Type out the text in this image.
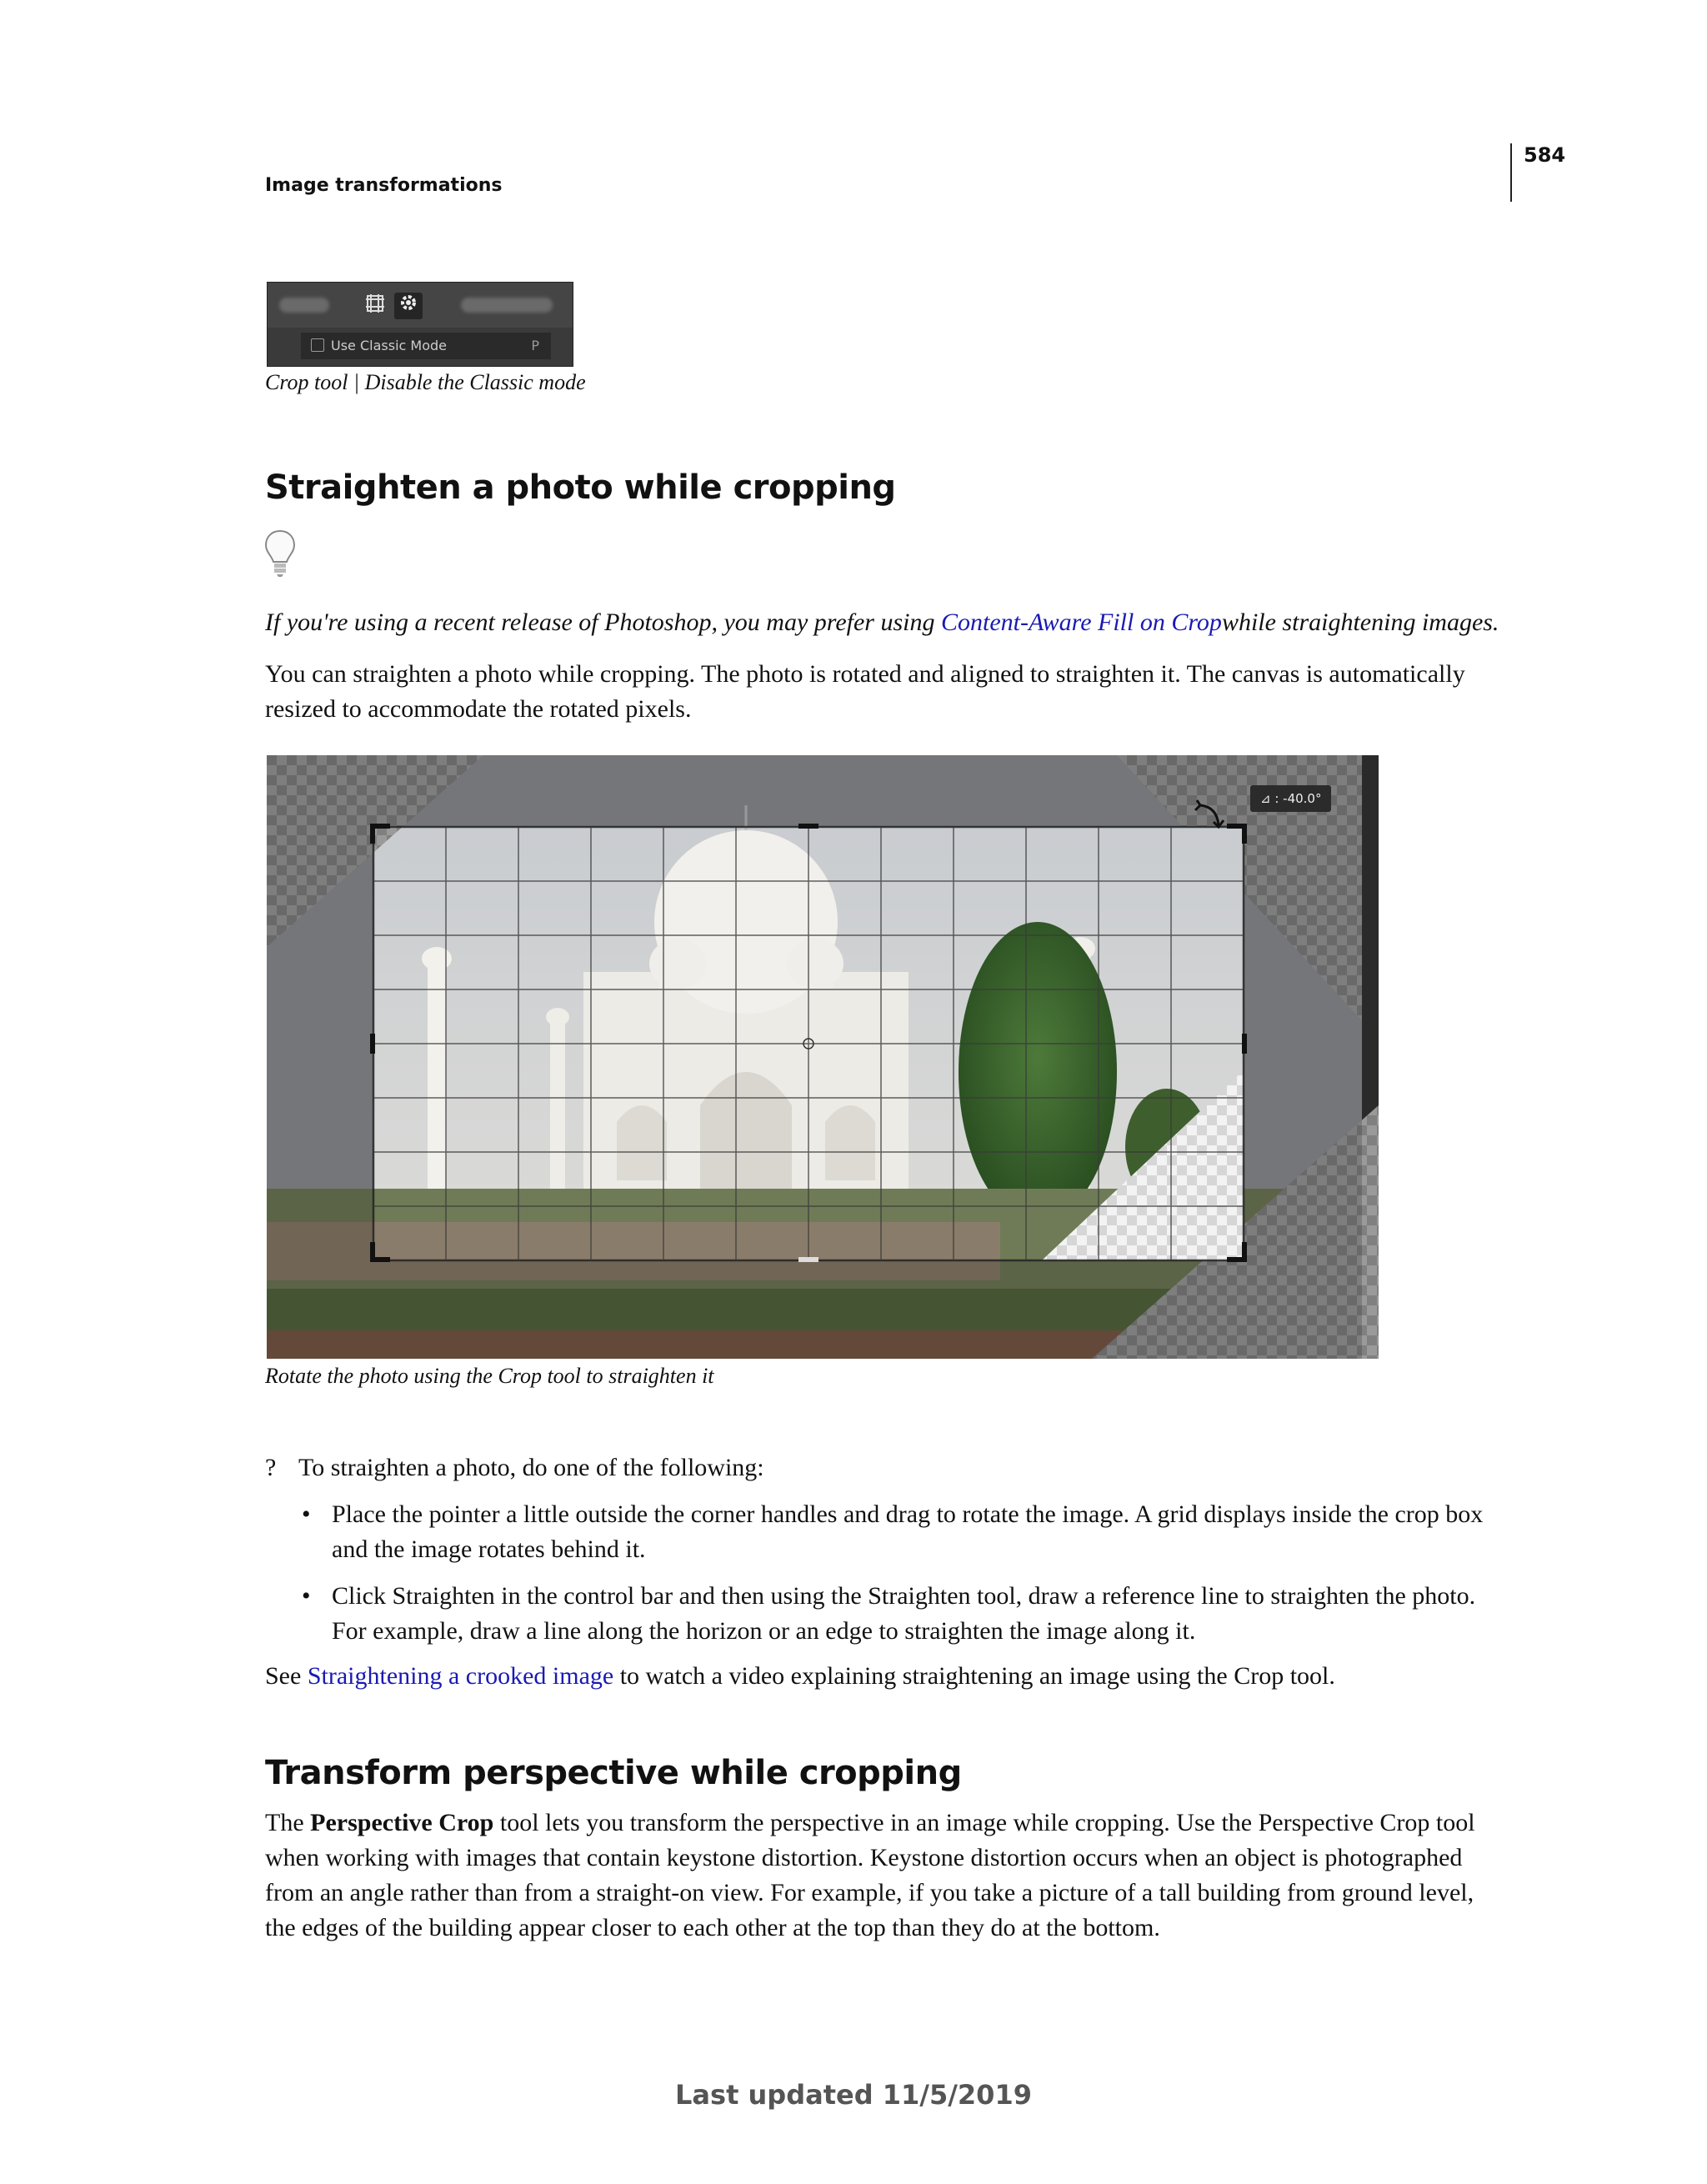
584
Image transformations
Use Classic Mode	P
Crop tool | Disable the Classic mode
Straighten a photo while cropping

If you're using a recent release of Photoshop, you may prefer using Content-Aware Fill on Cropwhile straightening images.

You can straighten a photo while cropping. The photo is rotated and aligned to straighten it. The canvas is automatically resized to accommodate the rotated pixels.

⊿ : -40.0°
Rotate the photo using the Crop tool to straighten it
? To straighten a photo, do one of the following:
• Place the pointer a little outside the corner handles and drag to rotate the image. A grid displays inside the crop box and the image rotates behind it.
• Click Straighten in the control bar and then using the Straighten tool, draw a reference line to straighten the photo. For example, draw a line along the horizon or an edge to straighten the image along it.
See Straightening a crooked image to watch a video explaining straightening an image using the Crop tool.
Transform perspective while cropping

The Perspective Crop tool lets you transform the perspective in an image while cropping. Use the Perspective Crop tool when working with images that contain keystone distortion. Keystone distortion occurs when an object is photographed from an angle rather than from a straight-on view. For example, if you take a picture of a tall building from ground level, the edges of the building appear closer to each other at the top than they do at the bottom.

Last updated 11/5/2019
